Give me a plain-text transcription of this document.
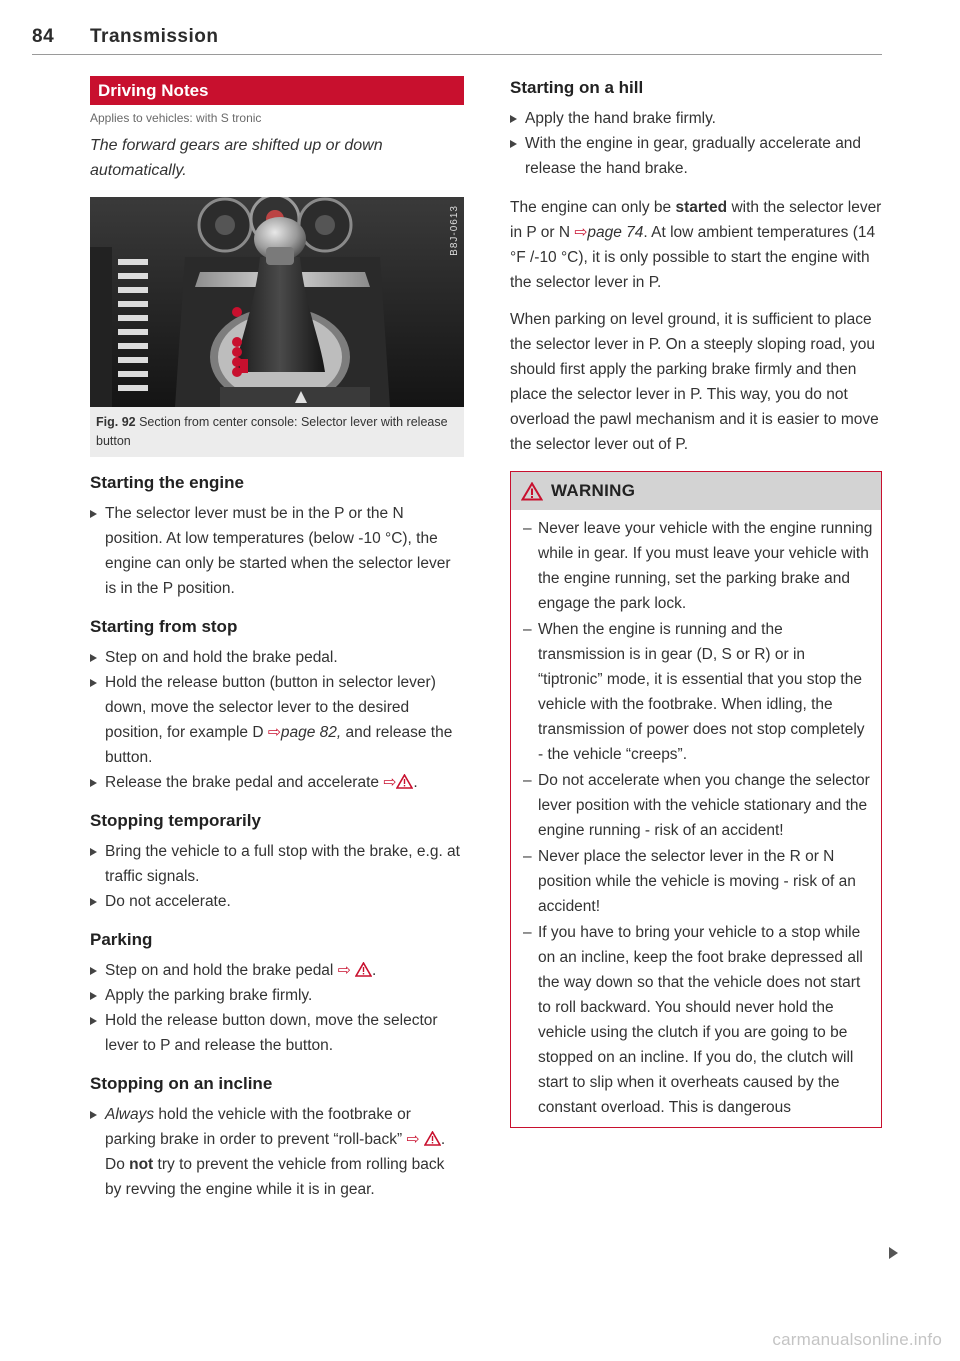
84 Transmission
Driving Notes
Applies to vehicles: with S tronic
The forward gears are shifted up or down automatically.
B8J-0613
Fig. 92 Section from center console: Selector lever with release button
Starting the engine

The selector lever must be in the P or the N position. At low temperatures (below -10 °C), the engine can only be started when the selector lever is in the P position.

Starting from stop

Step on and hold the brake pedal.

Hold the release button (button in selector lever) down, move the selector lever to the desired position, for example D ⇨page 82, and release the button.

Release the brake pedal and accelerate ⇨ .

Stopping temporarily

Bring the vehicle to a full stop with the brake, e.g. at traffic signals.

Do not accelerate.

Parking

Step on and hold the brake pedal ⇨ .

Apply the parking brake firmly.

Hold the release button down, move the selector lever to P and release the button.

Stopping on an incline

Always hold the vehicle with the footbrake or parking brake in order to prevent “roll-back” ⇨ . Do not try to prevent the vehicle from rolling back by revving the engine while it is in gear.

Starting on a hill

Apply the hand brake firmly.

With the engine in gear, gradually accelerate and release the hand brake.

The engine can only be started with the selector lever in P or N ⇨page 74. At low ambient temperatures (14 °F /-10 °C), it is only possible to start the engine with the selector lever in P.

When parking on level ground, it is sufficient to place the selector lever in P. On a steeply sloping road, you should first apply the parking brake firmly and then place the selector lever in P. This way, you do not overload the pawl mechanism and it is easier to move the selector lever out of P.

WARNING
– Never leave your vehicle with the engine running while in gear. If you must leave your vehicle with the engine running, set the parking brake and engage the park lock.
– When the engine is running and the transmission is in gear (D, S or R) or in “tiptronic” mode, it is essential that you stop the vehicle with the footbrake. When idling, the transmission of power does not stop completely - the vehicle “creeps”.
– Do not accelerate when you change the selector lever position with the vehicle stationary and the engine running - risk of an accident!
– Never place the selector lever in the R or N position while the vehicle is moving - risk of an accident!
– If you have to bring your vehicle to a stop while on an incline, keep the foot brake depressed all the way down so that the vehicle does not start to roll backward. You should never hold the vehicle using the clutch if you are going to be stopped on an incline. If you do, the clutch will start to slip when it overheats caused by the constant overload. This is dangerous
carmanualsonline.info
